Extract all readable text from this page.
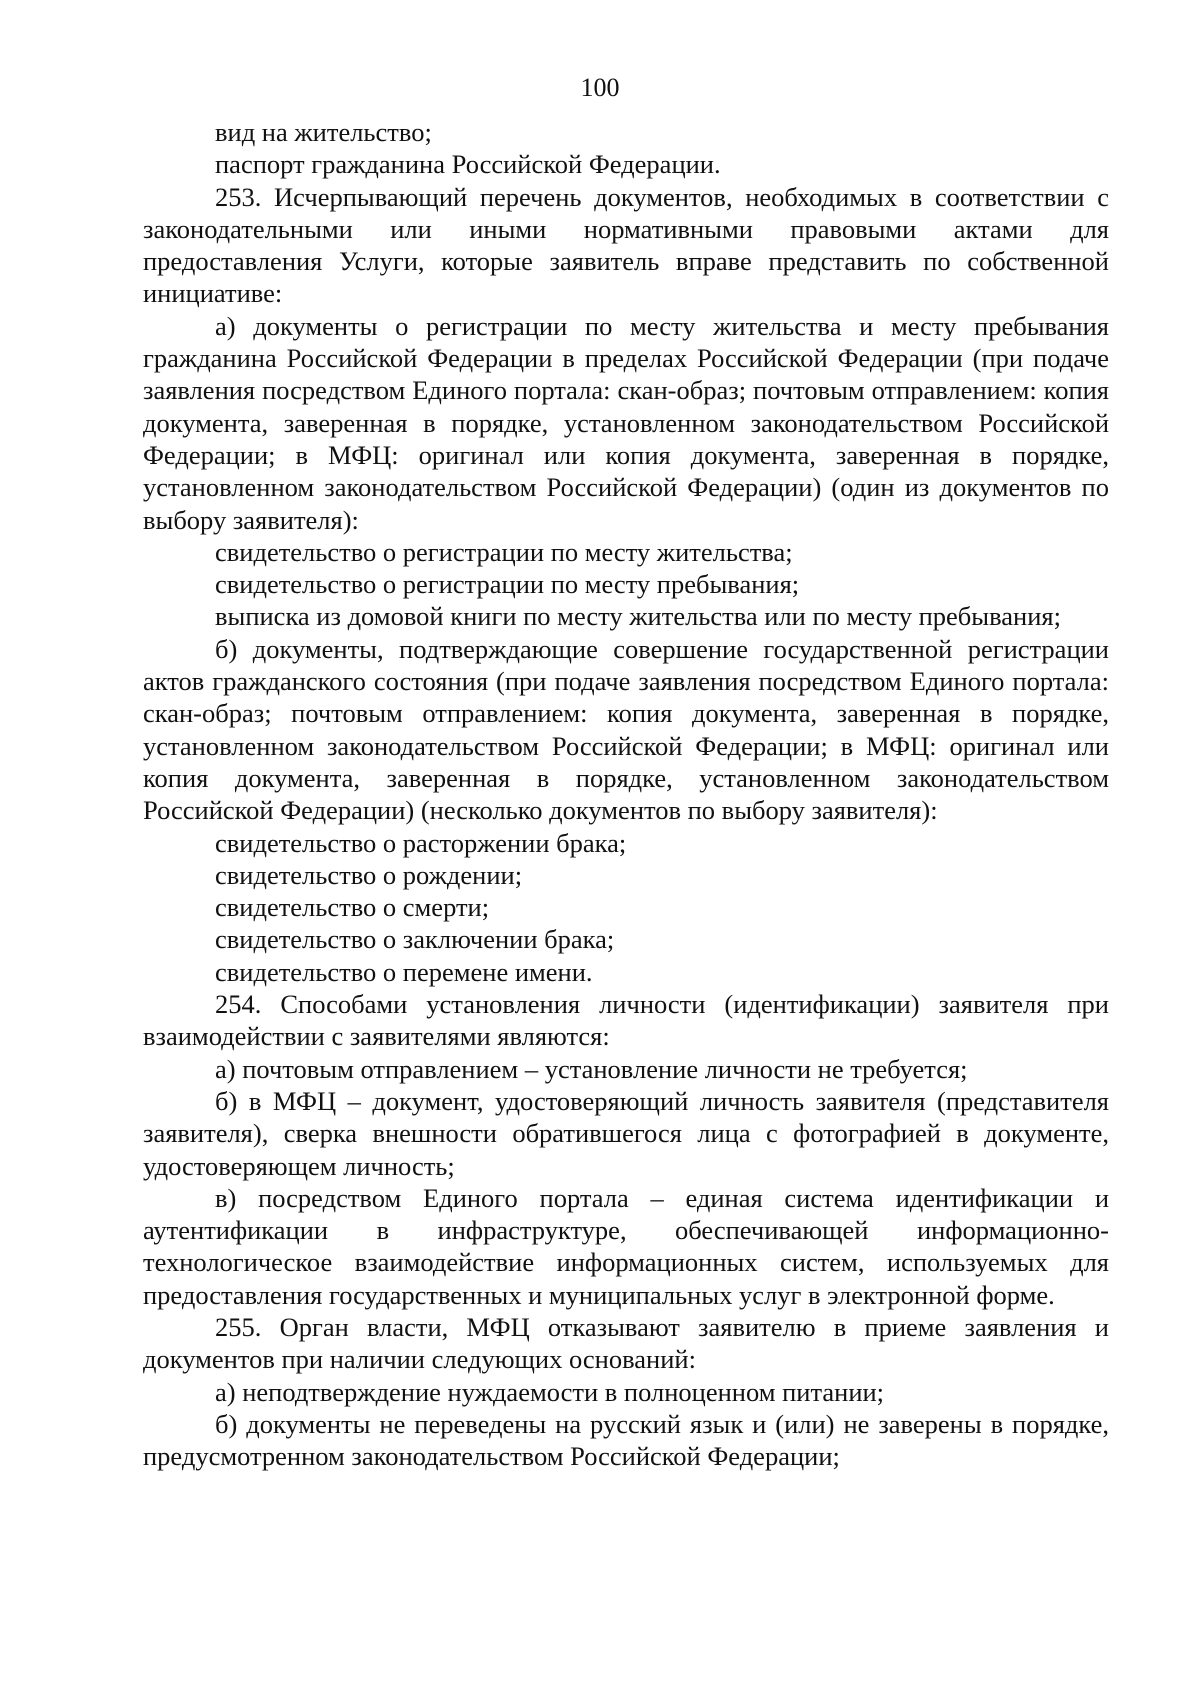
100

вид на жительство;

паспорт гражданина Российской Федерации.

253. Исчерпывающий перечень документов, необходимых в соответствии с законодательными или иными нормативными правовыми актами для предоставления Услуги, которые заявитель вправе представить по собственной инициативе:

а) документы о регистрации по месту жительства и месту пребывания гражданина Российской Федерации в пределах Российской Федерации (при подаче заявления посредством Единого портала: скан-образ; почтовым отправлением: копия документа, заверенная в порядке, установленном законодательством Российской Федерации; в МФЦ: оригинал или копия документа, заверенная в порядке, установленном законодательством Российской Федерации) (один из документов по выбору заявителя):

свидетельство о регистрации по месту жительства;

свидетельство о регистрации по месту пребывания;

выписка из домовой книги по месту жительства или по месту пребывания;

б) документы, подтверждающие совершение государственной регистрации актов гражданского состояния (при подаче заявления посредством Единого портала: скан-образ; почтовым отправлением: копия документа, заверенная в порядке, установленном законодательством Российской Федерации; в МФЦ: оригинал или копия документа, заверенная в порядке, установленном законодательством Российской Федерации) (несколько документов по выбору заявителя):

свидетельство о расторжении брака;

свидетельство о рождении;

свидетельство о смерти;

свидетельство о заключении брака;

свидетельство о перемене имени.

254. Способами установления личности (идентификации) заявителя при взаимодействии с заявителями являются:

а) почтовым отправлением – установление личности не требуется;

б) в МФЦ – документ, удостоверяющий личность заявителя (представителя заявителя), сверка внешности обратившегося лица с фотографией в документе, удостоверяющем личность;

в) посредством Единого портала – единая система идентификации и аутентификации в инфраструктуре, обеспечивающей информационно-технологическое взаимодействие информационных систем, используемых для предоставления государственных и муниципальных услуг в электронной форме.

255. Орган власти, МФЦ отказывают заявителю в приеме заявления и документов при наличии следующих оснований:

а) неподтверждение нуждаемости в полноценном питании;

б) документы не переведены на русский язык и (или) не заверены в порядке, предусмотренном законодательством Российской Федерации;
